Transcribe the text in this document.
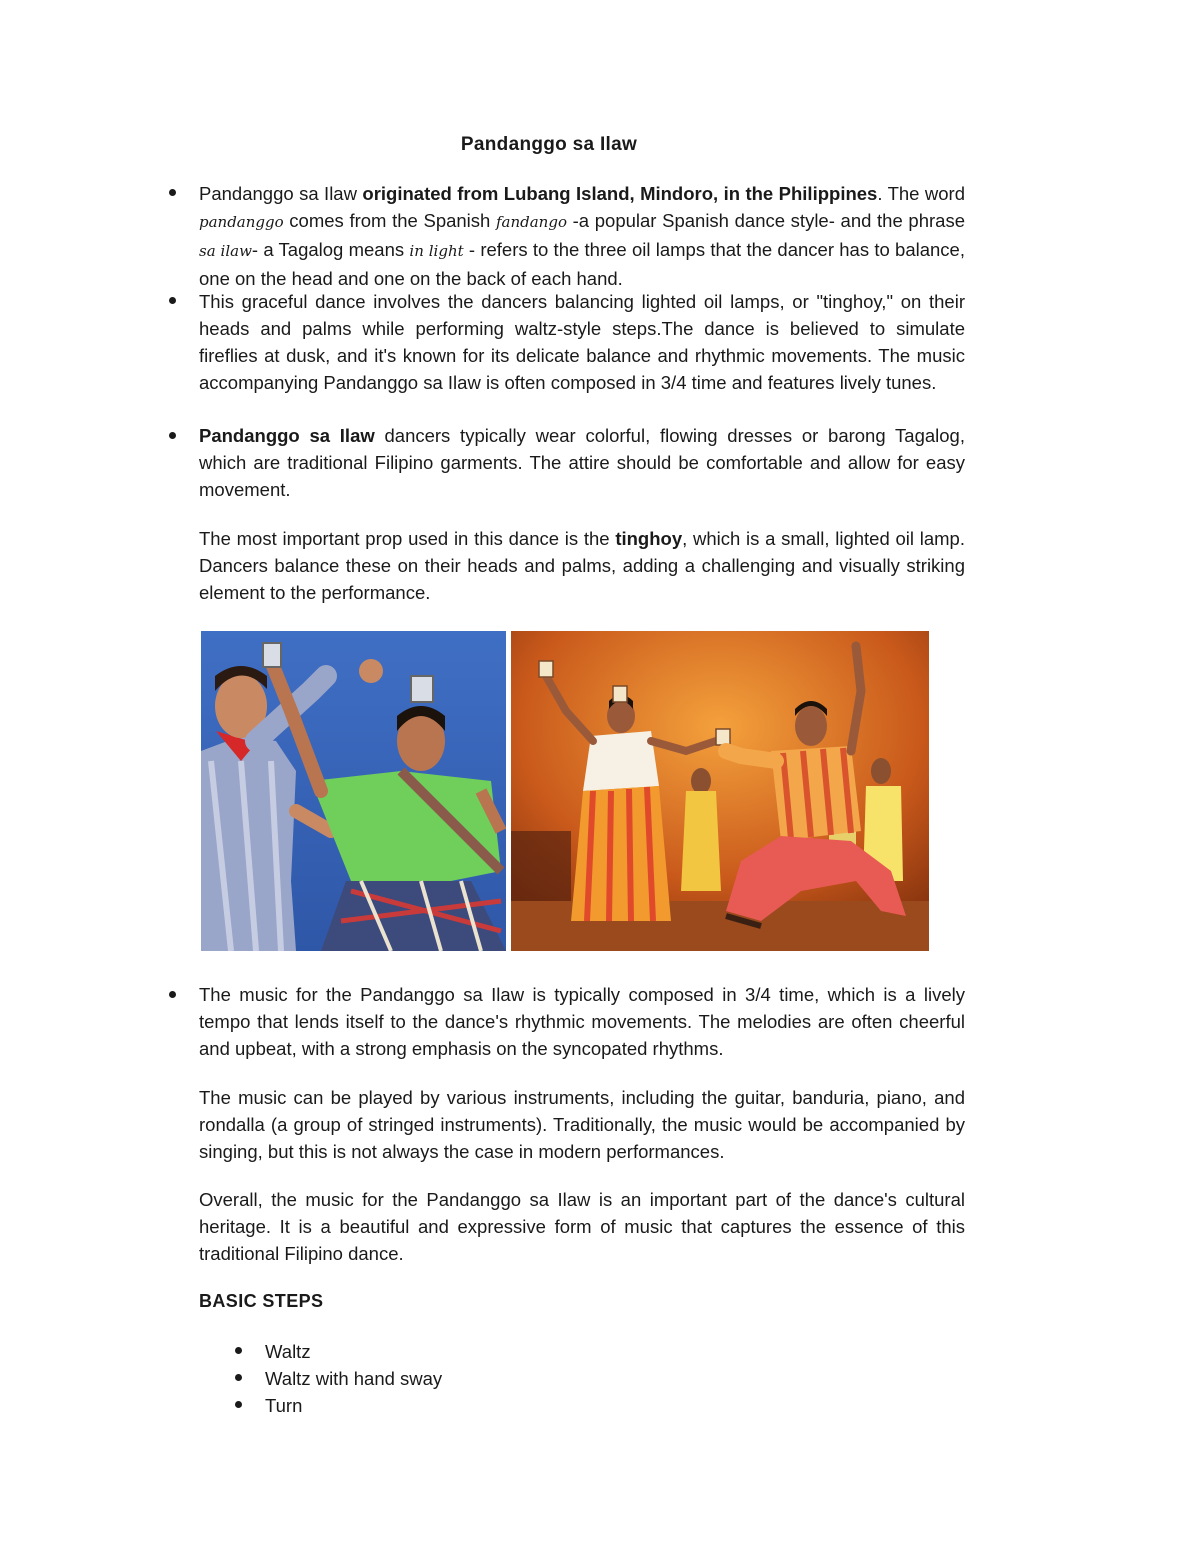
Pandanggo sa Ilaw

Pandanggo sa Ilaw originated from Lubang Island, Mindoro, in the Philippines. The word pandanggo comes from the Spanish fandango -a popular Spanish dance style- and the phrase sa ilaw- a Tagalog means in light - refers to the three oil lamps that the dancer has to balance, one on the head and one on the back of each hand.

This graceful dance involves the dancers balancing lighted oil lamps, or "tinghoy," on their heads and palms while performing waltz-style steps.The dance is believed to simulate fireflies at dusk, and it's known for its delicate balance and rhythmic movements. The music accompanying Pandanggo sa Ilaw is often composed in 3/4 time and features lively tunes.

Pandanggo sa Ilaw dancers typically wear colorful, flowing dresses or barong Tagalog, which are traditional Filipino garments. The attire should be comfortable and allow for easy movement.

The most important prop used in this dance is the tinghoy, which is a small, lighted oil lamp. Dancers balance these on their heads and palms, adding a challenging and visually striking element to the performance.

The music for the Pandanggo sa Ilaw is typically composed in 3/4 time, which is a lively tempo that lends itself to the dance's rhythmic movements. The melodies are often cheerful and upbeat, with a strong emphasis on the syncopated rhythms.

The music can be played by various instruments, including the guitar, banduria, piano, and rondalla (a group of stringed instruments). Traditionally, the music would be accompanied by singing, but this is not always the case in modern performances.

Overall, the music for the Pandanggo sa Ilaw is an important part of the dance's cultural heritage. It is a beautiful and expressive form of music that captures the essence of this traditional Filipino dance.

BASIC STEPS
Waltz
Waltz with hand sway
Turn
